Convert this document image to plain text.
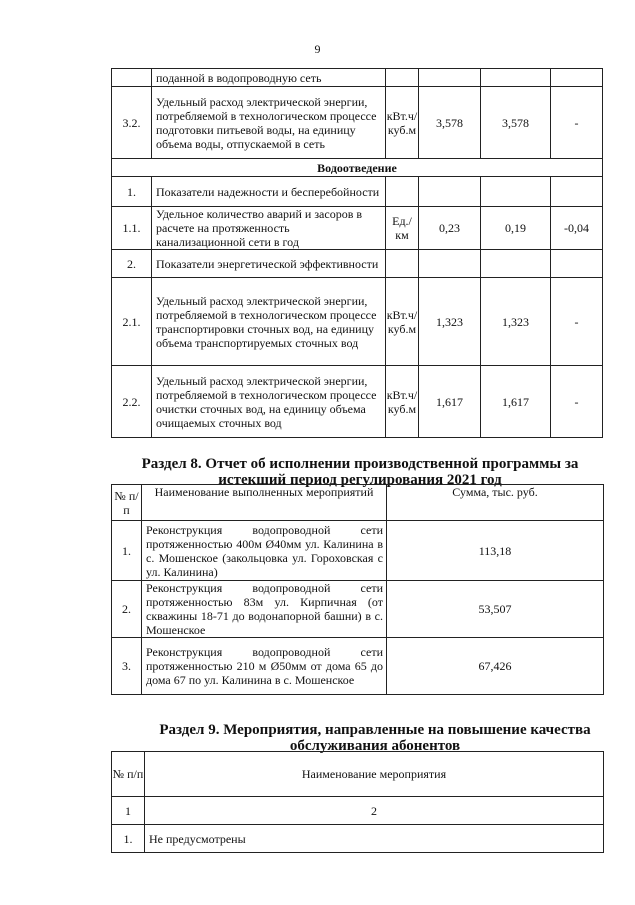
9
	поданной в водопроводную сеть				
3.2.	Удельный расход электрической энергии, потребляемой в технологическом процессе подготовки питьевой воды, на единицу объема воды, отпускаемой в сеть	кВт.ч/куб.м	3,578	3,578	-
Водоотведение					
1.	Показатели надежности и бесперебойности				
1.1.	Удельное количество аварий и засоров в расчете на протяженность канализационной сети в год	Ед./км	0,23	0,19	-0,04
2.	Показатели энергетической эффективности				
2.1.	Удельный расход электрической энергии, потребляемой в технологическом процессе транспортировки сточных вод, на единицу объема транспортируемых сточных вод	кВт.ч/куб.м	1,323	1,323	-
2.2.	Удельный расход электрической энергии, потребляемой в технологическом процессе очистки сточных вод, на единицу объема очищаемых сточных вод	кВт.ч/куб.м	1,617	1,617	-
Раздел 8. Отчет об исполнении производственной программы за истекший период регулирования 2021 год
№ п/п	Наименование выполненных мероприятий	Сумма, тыс. руб.
1.	Реконструкция водопроводной сети протяженностью 400м Ø40мм ул. Калинина в с. Мошенское (закольцовка ул. Гороховская с ул. Калинина)	113,18
2.	Реконструкция водопроводной сети протяженностью 83м ул. Кирпичная (от скважины 18-71 до водонапорной башни) в с. Мошенское	53,507
3.	Реконструкция водопроводной сети протяженностью 210 м Ø50мм от дома 65 до дома 67 по ул. Калинина в с. Мошенское	67,426
Раздел 9. Мероприятия, направленные на повышение качества обслуживания абонентов
№ п/п	Наименование мероприятия
1	2
1.	Не предусмотрены
